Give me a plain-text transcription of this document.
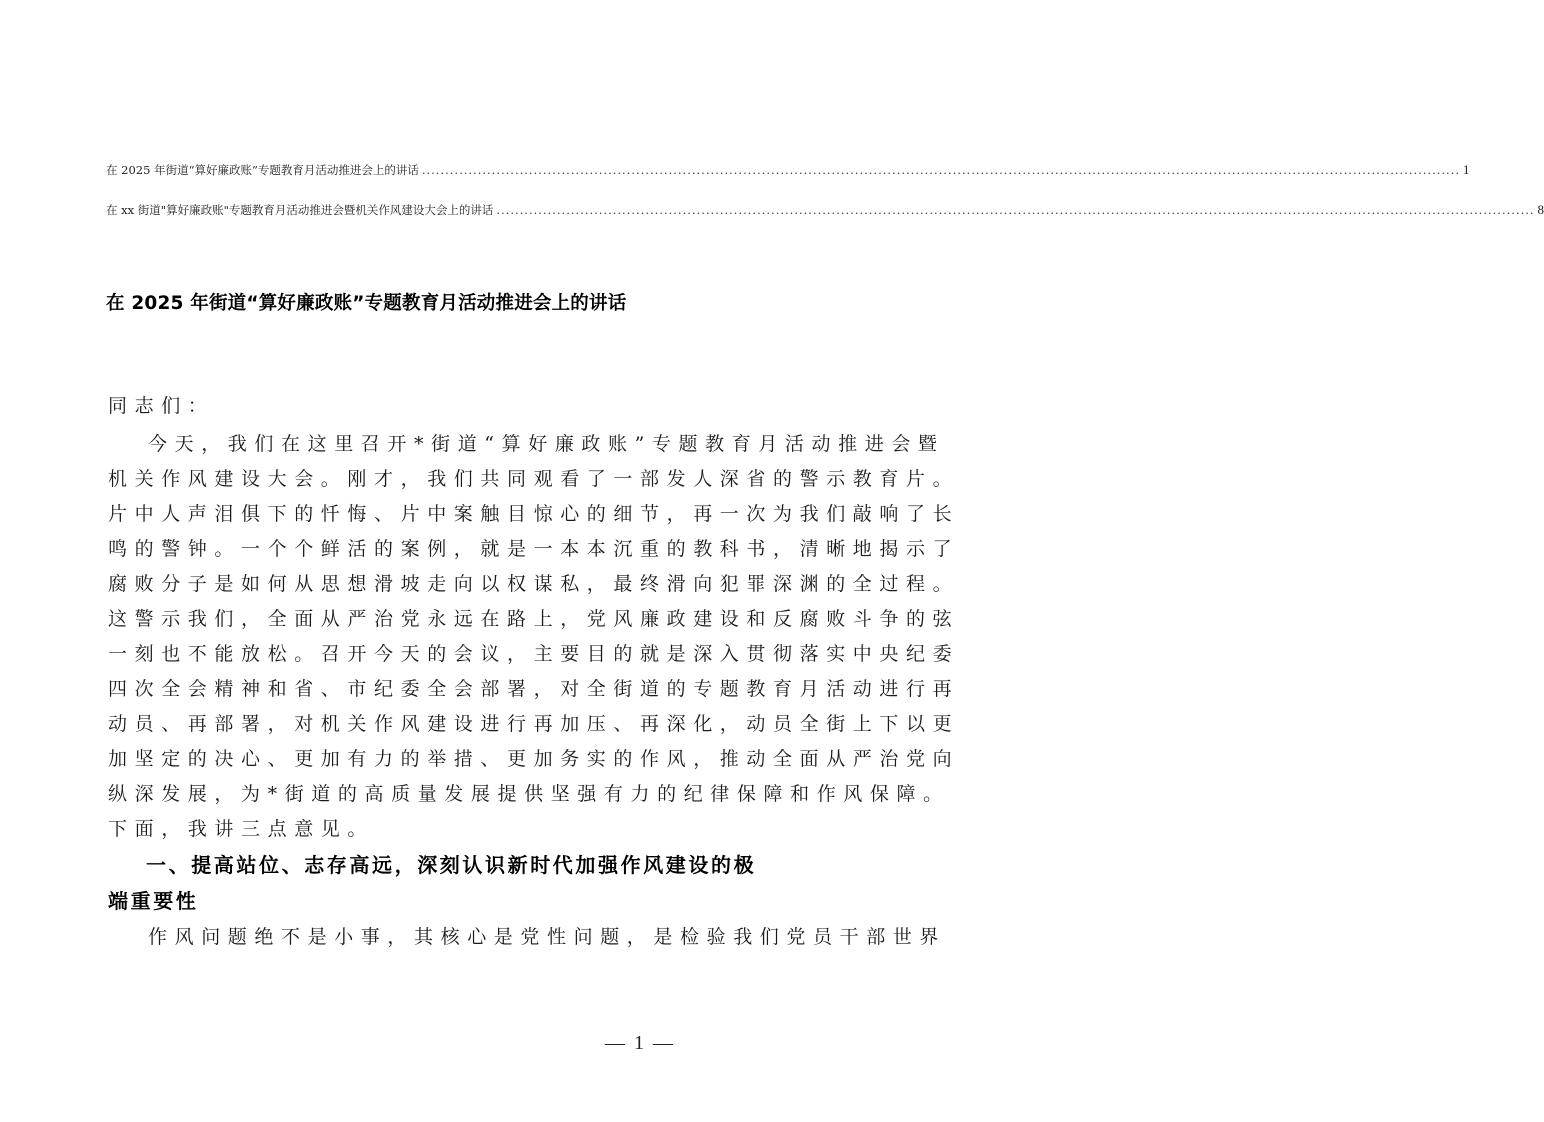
在 2025 年街道“算好廉政账”专题教育月活动推进会上的讲话 .....	1
在 xx 街道"算好廉政账"专题教育月活动推进会暨机关作风建设大会上的讲话 .....	8
在 2025 年街道“算好廉政账”专题教育月活动推进会上的讲话
同志们：
今天，我们在这里召开*街道“算好廉政账”专题教育月活动推进会暨
机关作风建设大会。刚才，我们共同观看了一部发人深省的警示教育片。
片中人声泪俱下的忏悔、片中案触目惊心的细节，再一次为我们敲响了长
鸣的警钟。一个个鲜活的案例，就是一本本沉重的教科书，清晰地揭示了
腐败分子是如何从思想滑坡走向以权谋私，最终滑向犯罪深渊的全过程。
这警示我们，全面从严治党永远在路上，党风廉政建设和反腐败斗争的弦
一刻也不能放松。召开今天的会议，主要目的就是深入贯彻落实中央纪委
四次全会精神和省、市纪委全会部署，对全街道的专题教育月活动进行再
动员、再部署，对机关作风建设进行再加压、再深化，动员全街上下以更
加坚定的决心、更加有力的举措、更加务实的作风，推动全面从严治党向
纵深发展，为*街道的高质量发展提供坚强有力的纪律保障和作风保障。
下面，我讲三点意见。
一、提高站位、志存高远，深刻认识新时代加强作风建设的极
端重要性
作风问题绝不是小事，其核心是党性问题，是检验我们党员干部世界
— 1 —
